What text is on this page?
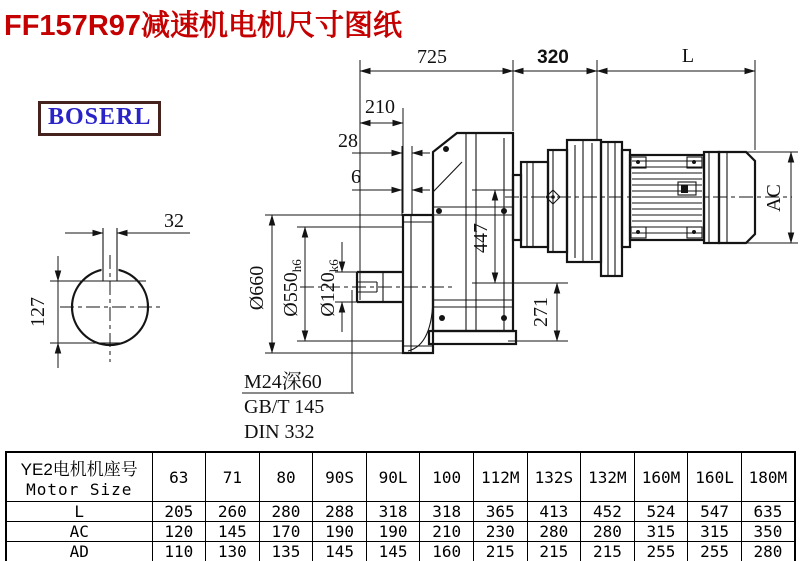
FF157R97减速机电机尺寸图纸
BOSERL
32
127
725	320	L
210
28
6
Ø660 $Ø550_{h6}$
$Ø120_{k6}$
447
271
AC
M24深60
GB/T 145
DIN 332
YE2电机机座号
Motor Size	63	71	80	90S	90L	100	112M	132S	132M	160M	160L	180M
L	205	260	280	288	318	318	365	413	452	524	547	635
AC	120	145	170	190	190	210	230	280	280	315	315	350
AD	110	130	135	145	145	160	215	215	215	255	255	280
